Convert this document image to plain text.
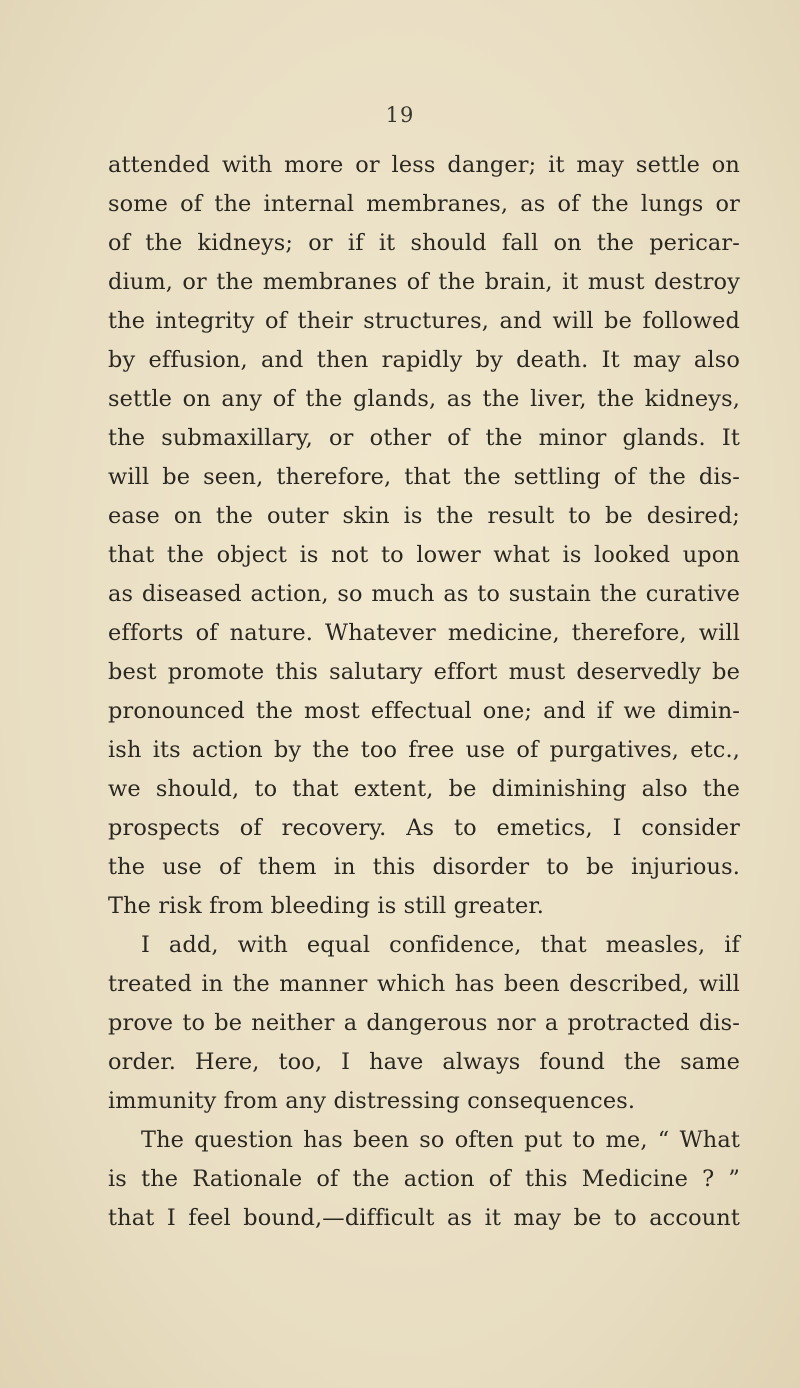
19
attended with more or less danger; it may settle on
some of the internal membranes, as of the lungs or
of the kidneys; or if it should fall on the pericar-
dium, or the membranes of the brain, it must destroy
the integrity of their structures, and will be followed
by effusion, and then rapidly by death. It may also
settle on any of the glands, as the liver, the kidneys,
the submaxillary, or other of the minor glands. It
will be seen, therefore, that the settling of the dis-
ease on the outer skin is the result to be desired;
that the object is not to lower what is looked upon
as diseased action, so much as to sustain the curative
efforts of nature. Whatever medicine, therefore, will
best promote this salutary effort must deservedly be
pronounced the most effectual one; and if we dimin-
ish its action by the too free use of purgatives, etc.,
we should, to that extent, be diminishing also the
prospects of recovery. As to emetics, I consider
the use of them in this disorder to be injurious.
The risk from bleeding is still greater.
I add, with equal confidence, that measles, if
treated in the manner which has been described, will
prove to be neither a dangerous nor a protracted dis-
order. Here, too, I have always found the same
immunity from any distressing consequences.
The question has been so often put to me, “ What
is the Rationale of the action of this Medicine ? ”
that I feel bound,—difficult as it may be to account
